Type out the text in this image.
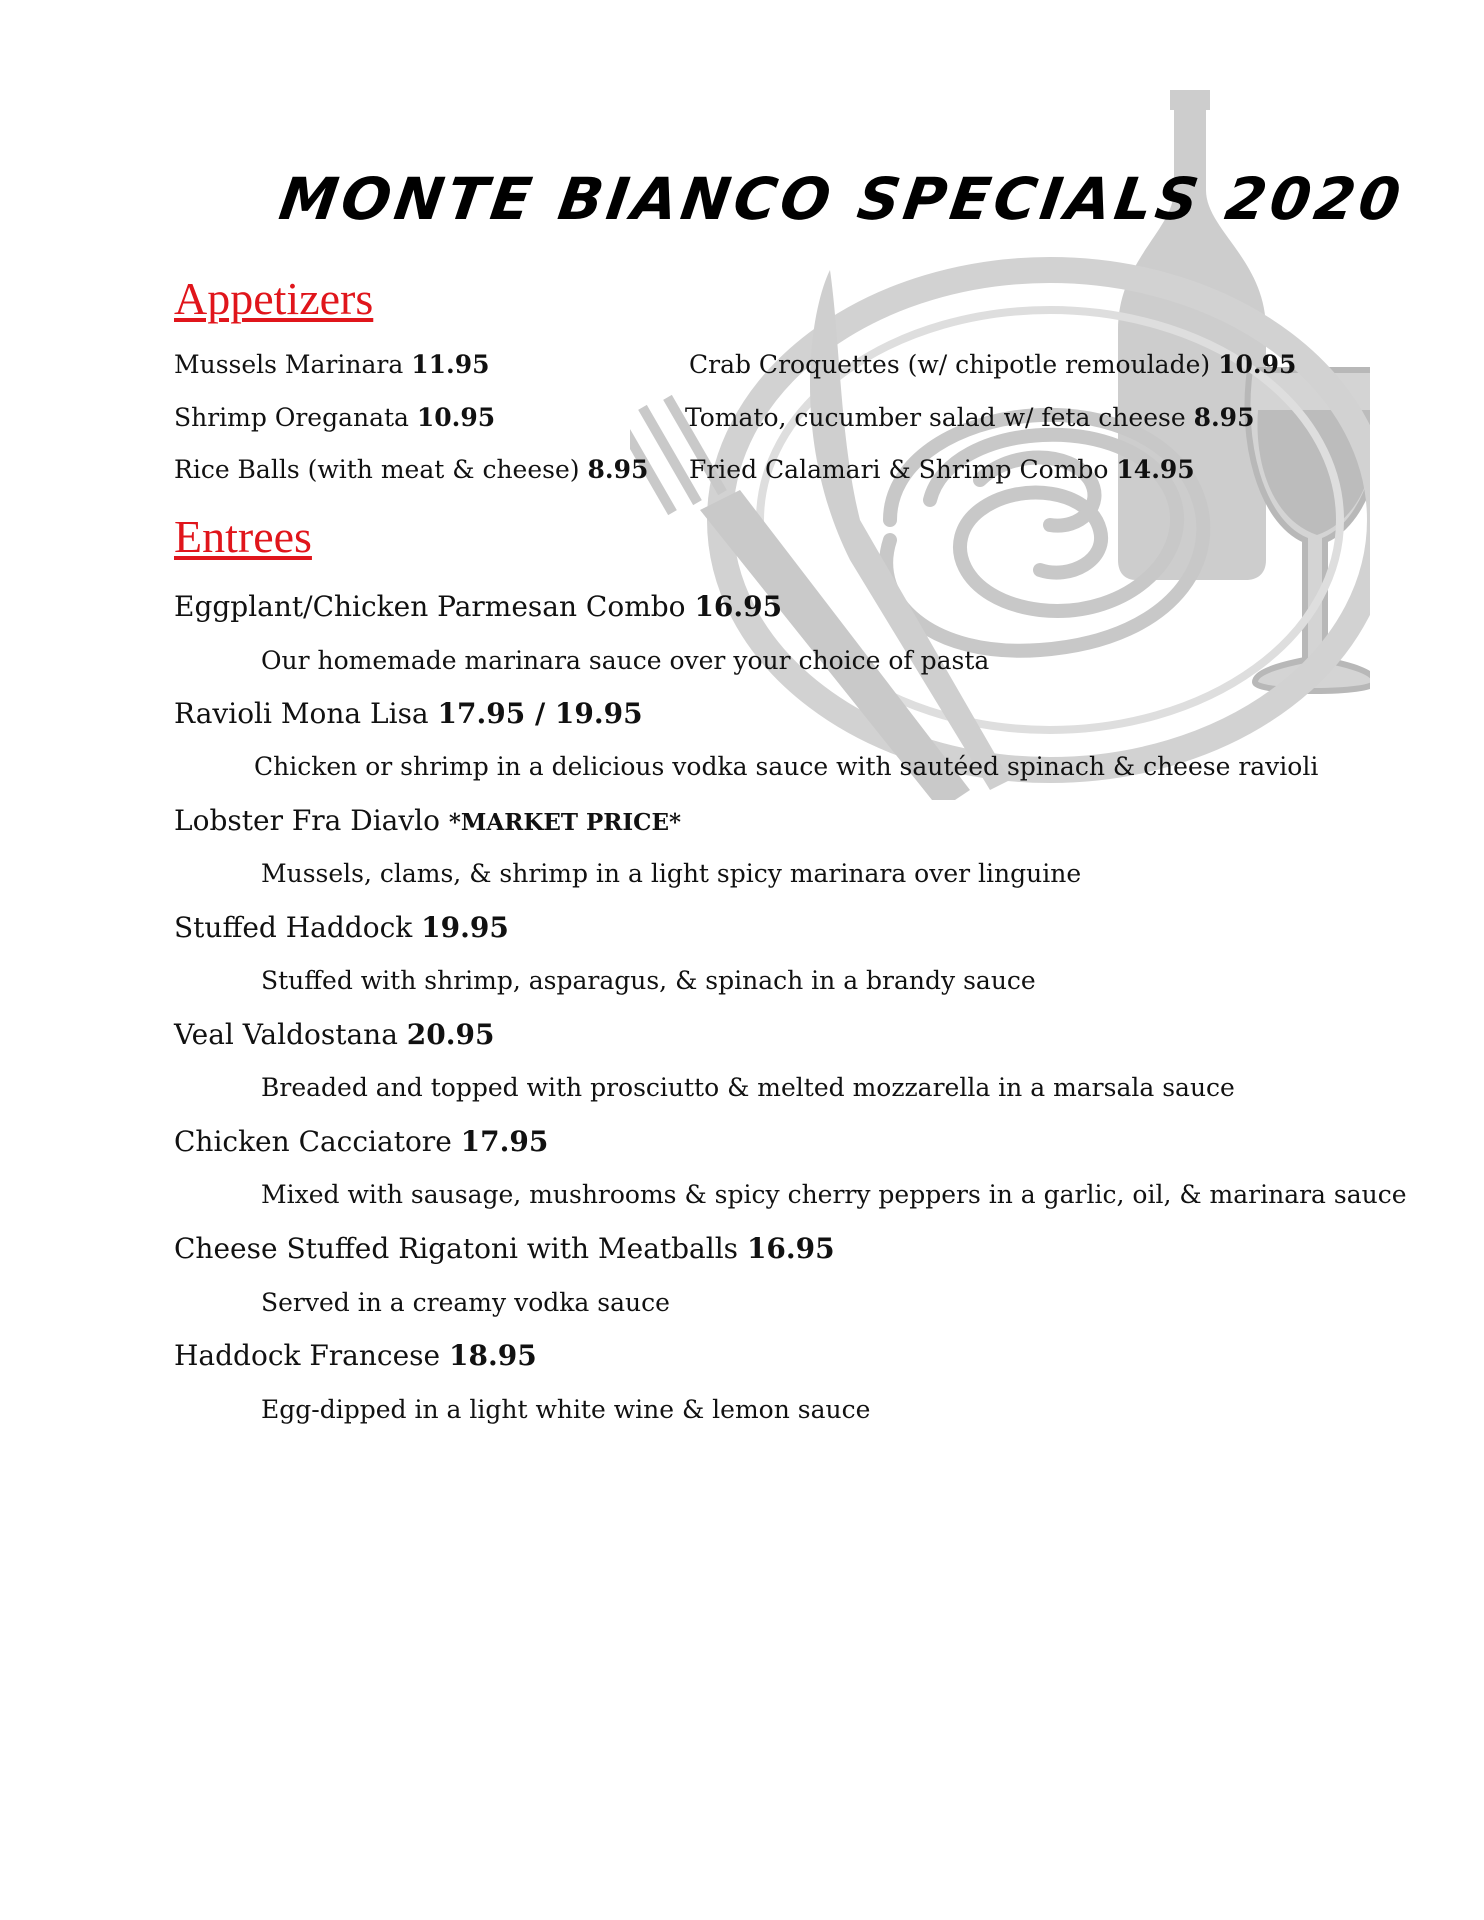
MONTE BIANCO SPECIALS 2020
Appetizers
Mussels Marinara 11.95
Shrimp Oreganata 10.95
Rice Balls (with meat & cheese) 8.95
Crab Croquettes (w/ chipotle remoulade) 10.95
Tomato, cucumber salad w/ feta cheese 8.95
Fried Calamari & Shrimp Combo 14.95
Entrees
Eggplant/Chicken Parmesan Combo 16.95
Our homemade marinara sauce over your choice of pasta
Ravioli Mona Lisa 17.95 / 19.95
Chicken or shrimp in a delicious vodka sauce with sautéed spinach & cheese ravioli
Lobster Fra Diavlo *MARKET PRICE*
Mussels, clams, & shrimp in a light spicy marinara over linguine
Stuffed Haddock 19.95
Stuffed with shrimp, asparagus, & spinach in a brandy sauce
Veal Valdostana 20.95
Breaded and topped with prosciutto & melted mozzarella in a marsala sauce
Chicken Cacciatore 17.95
Mixed with sausage, mushrooms & spicy cherry peppers in a garlic, oil, & marinara sauce
Cheese Stuffed Rigatoni with Meatballs 16.95
Served in a creamy vodka sauce
Haddock Francese 18.95
Egg-dipped in a light white wine & lemon sauce
